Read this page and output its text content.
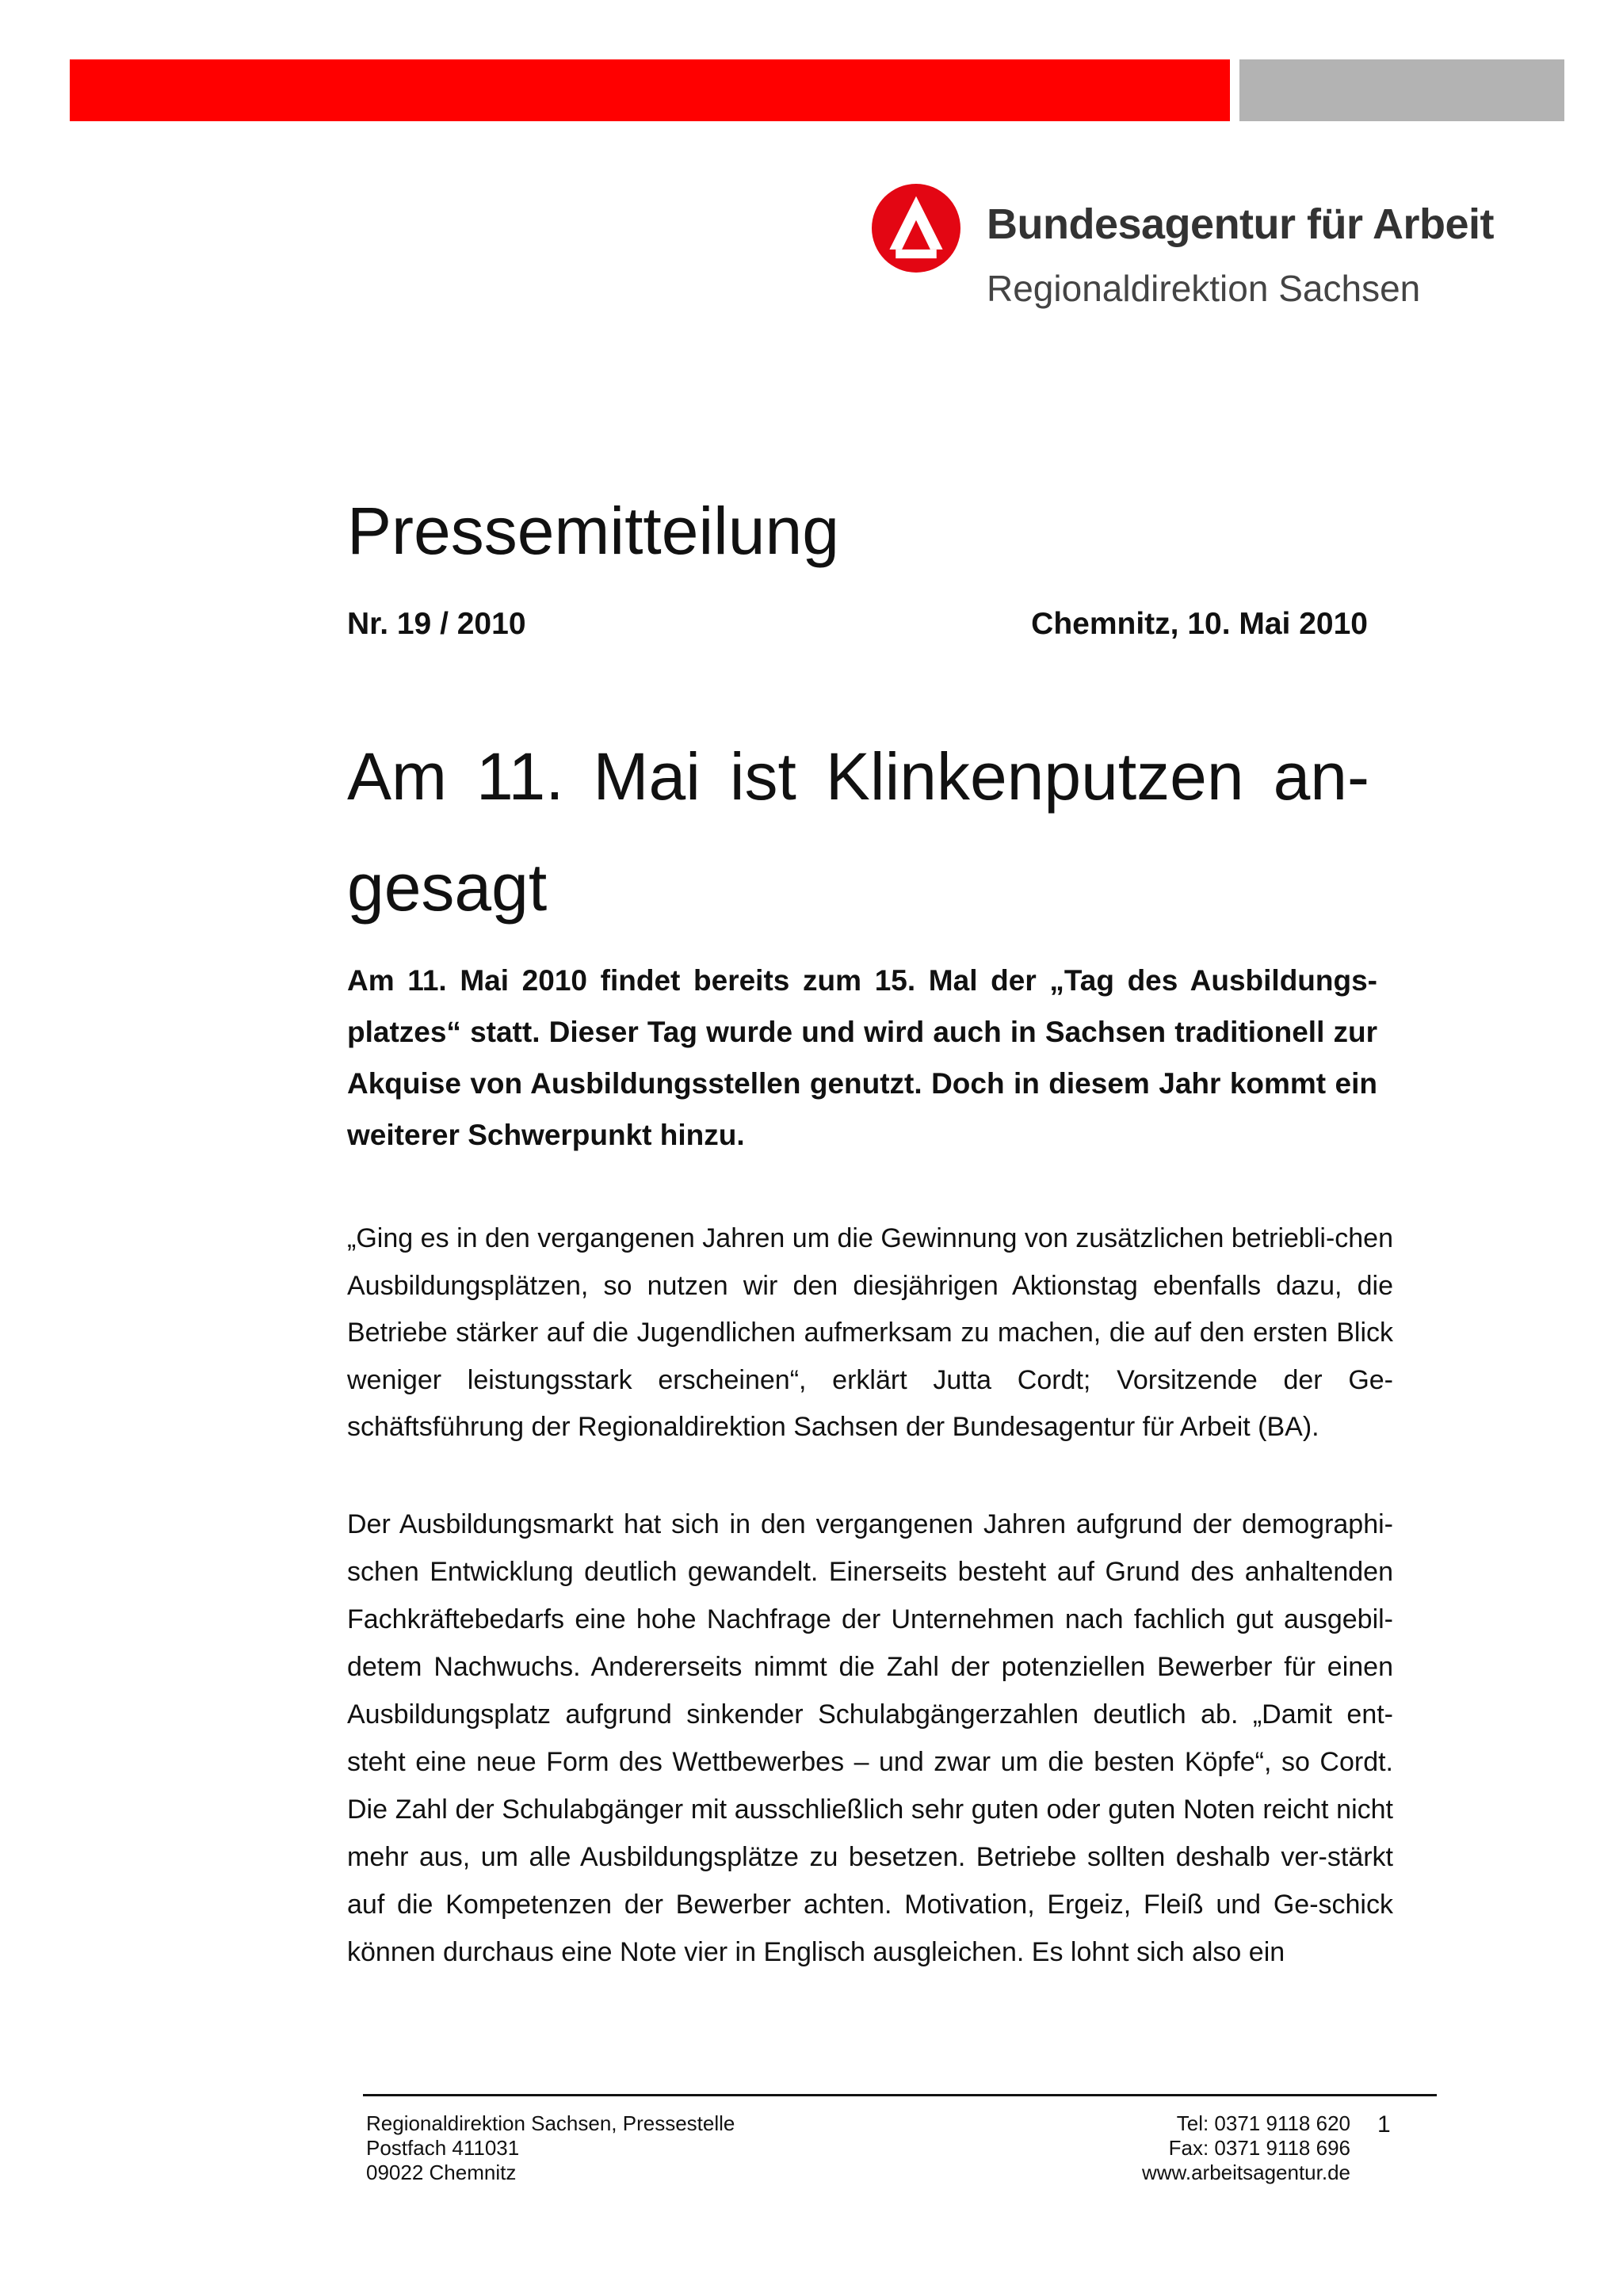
Bundesagentur für Arbeit
Regionaldirektion Sachsen
Pressemitteilung
Nr. 19 / 2010	Chemnitz, 10. Mai 2010
Am 11. Mai ist Klinkenputzen an-gesagt
Am 11. Mai 2010 findet bereits zum 15. Mal der „Tag des Ausbildungs-platzes“ statt. Dieser Tag wurde und wird auch in Sachsen traditionell zur Akquise von Ausbildungsstellen genutzt. Doch in diesem Jahr kommt ein weiterer Schwerpunkt hinzu.
„Ging es in den vergangenen Jahren um die Gewinnung von zusätzlichen betriebli-chen Ausbildungsplätzen, so nutzen wir den diesjährigen Aktionstag ebenfalls dazu, die Betriebe stärker auf die Jugendlichen aufmerksam zu machen, die auf den ersten Blick weniger leistungsstark erscheinen“, erklärt Jutta Cordt; Vorsitzende der Ge-schäftsführung der Regionaldirektion Sachsen der Bundesagentur für Arbeit (BA).
Der Ausbildungsmarkt hat sich in den vergangenen Jahren aufgrund der demographi-schen Entwicklung deutlich gewandelt. Einerseits besteht auf Grund des anhaltenden Fachkräftebedarfs eine hohe Nachfrage der Unternehmen nach fachlich gut ausgebil-detem Nachwuchs. Andererseits nimmt die Zahl der potenziellen Bewerber für einen Ausbildungsplatz aufgrund sinkender Schulabgängerzahlen deutlich ab. „Damit ent-steht eine neue Form des Wettbewerbes – und zwar um die besten Köpfe“, so Cordt. Die Zahl der Schulabgänger mit ausschließlich sehr guten oder guten Noten reicht nicht mehr aus, um alle Ausbildungsplätze zu besetzen. Betriebe sollten deshalb ver-stärkt auf die Kompetenzen der Bewerber achten. Motivation, Ergeiz, Fleiß und Ge-schick können durchaus eine Note vier in Englisch ausgleichen. Es lohnt sich also ein
Regionaldirektion Sachsen, Pressestelle
Postfach 411031
09022 Chemnitz
Tel: 0371 9118 620
Fax: 0371 9118 696
www.arbeitsagentur.de
1
